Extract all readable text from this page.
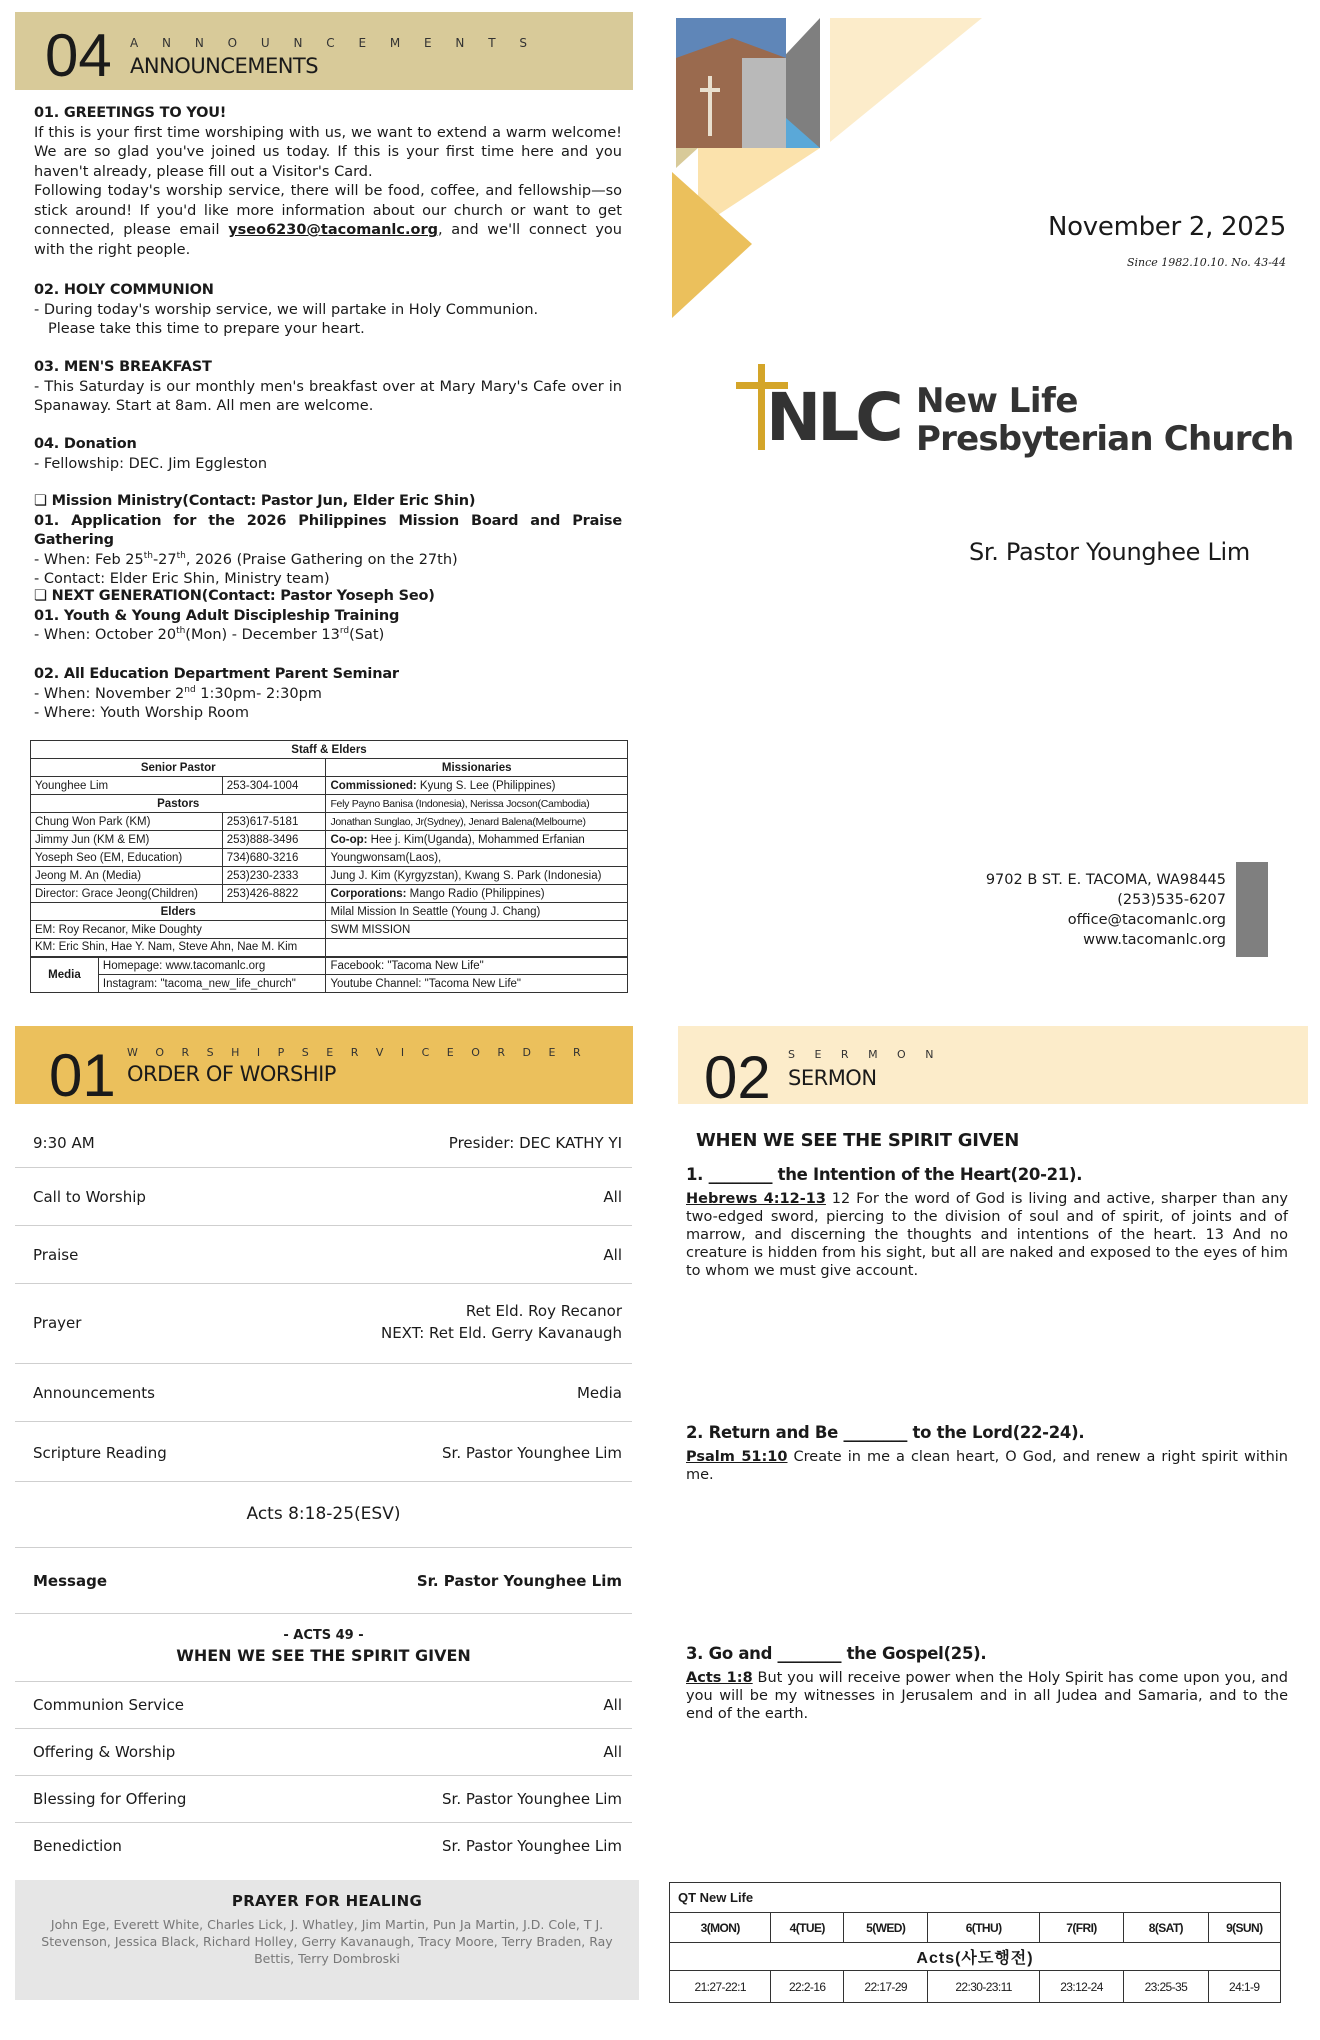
04 A N N O U N C E M E N T S
ANNOUNCEMENTS

01. GREETINGS TO YOU!

If this is your first time worshiping with us, we want to extend a warm welcome! We are so glad you've joined us today. If this is your first time here and you haven't already, please fill out a Visitor's Card.

Following today's worship service, there will be food, coffee, and fellowship—so stick around! If you'd like more information about our church or want to get connected, please email yseo6230@tacomanlc.org, and we'll connect you with the right people.

02. HOLY COMMUNION

- During today's worship service, we will partake in Holy Communion.

Please take this time to prepare your heart.

03. MEN'S BREAKFAST

- This Saturday is our monthly men's breakfast over at Mary Mary's Cafe over in Spanaway. Start at 8am. All men are welcome.

04. Donation

- Fellowship: DEC. Jim Eggleston

❏ Mission Ministry(Contact: Pastor Jun, Elder Eric Shin)

01. Application for the 2026 Philippines Mission Board and Praise Gathering

- When: Feb 25th-27th, 2026 (Praise Gathering on the 27th)

- Contact: Elder Eric Shin, Ministry team)

❏ NEXT GENERATION(Contact: Pastor Yoseph Seo)

01. Youth & Young Adult Discipleship Training

- When: October 20th(Mon) - December 13rd(Sat)

02. All Education Department Parent Seminar

- When: November 2nd 1:30pm- 2:30pm

- Where: Youth Worship Room

Staff & Elders			
Senior Pastor			Missionaries
Younghee Lim		253-304-1004	Commissioned: Kyung S. Lee (Philippines)
Pastors			Fely Payno Banisa (Indonesia), Nerissa Jocson(Cambodia)
Chung Won Park (KM)		253)617-5181	Jonathan Sunglao, Jr(Sydney), Jenard Balena(Melbourne)
Jimmy Jun (KM & EM)		253)888-3496	Co-op: Hee j. Kim(Uganda), Mohammed Erfanian
Yoseph Seo (EM, Education)		734)680-3216	Youngwonsam(Laos),
Jeong M. An (Media)		253)230-2333	Jung J. Kim (Kyrgyzstan), Kwang S. Park (Indonesia)
Director: Grace Jeong(Children)		253)426-8822	Corporations: Mango Radio (Philippines)
Elders			Milal Mission In Seattle (Young J. Chang)
EM: Roy Recanor, Mike Doughty			SWM MISSION
KM: Eric Shin, Hae Y. Nam, Steve Ahn, Nae M. Kim			
Media	Homepage: www.tacomanlc.org		Facebook: "Tacoma New Life"
	Instagram: "tacoma_new_life_church"		Youtube Channel: "Tacoma New Life"
November 2, 2025
Since 1982.10.10. No. 43-44
NLC New Life
Presbyterian Church
Sr. Pastor Younghee Lim
9702 B ST. E. TACOMA, WA98445
(253)535-6207
office@tacomanlc.org
www.tacomanlc.org
01 W O R S H I P S E R V I C E O R D E R
ORDER OF WORSHIP
9:30 AM	Presider: DEC KATHY YI
Call to Worship	All
Praise	All
Prayer
Ret Eld. Roy Recanor
NEXT: Ret Eld. Gerry Kavanaugh
Announcements	Media
Scripture Reading	Sr. Pastor Younghee Lim
Acts 8:18-25(ESV)
Message	Sr. Pastor Younghee Lim
- ACTS 49 -
WHEN WE SEE THE SPIRIT GIVEN
Communion Service	All
Offering & Worship	All
Blessing for Offering	Sr. Pastor Younghee Lim
Benediction	Sr. Pastor Younghee Lim
PRAYER FOR HEALING
John Ege, Everett White, Charles Lick, J. Whatley, Jim Martin, Pun Ja Martin, J.D. Cole, T J. Stevenson, Jessica Black, Richard Holley, Gerry Kavanaugh, Tracy Moore, Terry Braden, Ray Bettis, Terry Dombroski
02 S E R M O N
SERMON
WHEN WE SEE THE SPIRIT GIVEN
1. ________ the Intention of the Heart(20-21).
Hebrews 4:12-13 12 For the word of God is living and active, sharper than any two-edged sword, piercing to the division of soul and of spirit, of joints and of marrow, and discerning the thoughts and intentions of the heart. 13 And no creature is hidden from his sight, but all are naked and exposed to the eyes of him to whom we must give account.
2. Return and Be ________ to the Lord(22-24).
Psalm 51:10 Create in me a clean heart, O God, and renew a right spirit within me.
3. Go and ________ the Gospel(25).
Acts 1:8 But you will receive power when the Holy Spirit has come upon you, and you will be my witnesses in Jerusalem and in all Judea and Samaria, and to the end of the earth.
QT New Life						
3(MON)	4(TUE)	5(WED)	6(THU)	7(FRI)	8(SAT)	9(SUN)
Acts(사도행전)						
21:27-22:1	22:2-16	22:17-29	22:30-23:11	23:12-24	23:25-35	24:1-9
